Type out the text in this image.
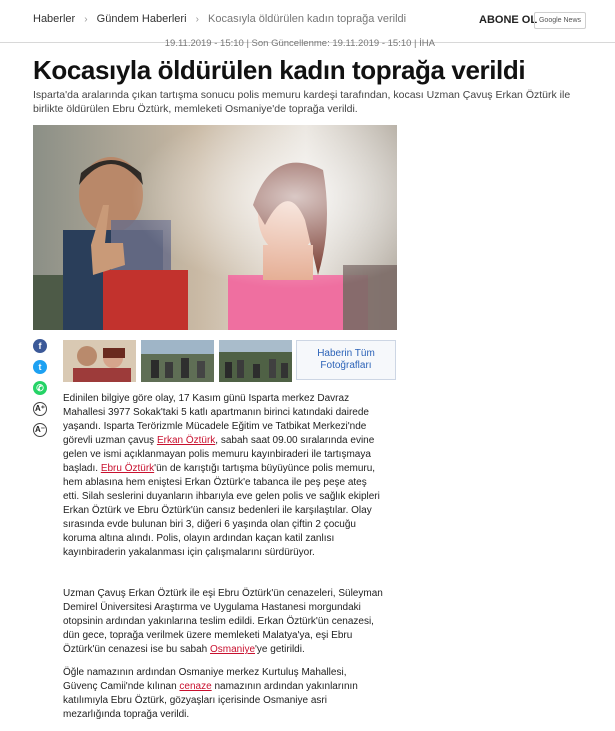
Haberler › Gündem Haberleri › Kocasıyla öldürülen kadın toprağa verildi	ABONE OL Google News
19.11.2019 - 15:10 | Son Güncellenme: 19.11.2019 - 15:10 | İHA
Kocasıyla öldürülen kadın toprağa verildi
Isparta'da aralarında çıkan tartışma sonucu polis memuru kardeşi tarafından, kocası Uzman Çavuş Erkan Öztürk ile birlikte öldürülen Ebru Öztürk, memleketi Osmaniye'de toprağa verildi.
f
t
✆
A⁺
A⁻
Haberin Tüm Fotoğrafları

Edinilen bilgiye göre olay, 17 Kasım günü Isparta merkez Davraz Mahallesi 3977 Sokak'taki 5 katlı apartmanın birinci katındaki dairede yaşandı. Isparta Terörizmle Mücadele Eğitim ve Tatbikat Merkezi'nde görevli uzman çavuş Erkan Öztürk, sabah saat 09.00 sıralarında evine gelen ve ismi açıklanmayan polis memuru kayınbiraderi ile tartışmaya başladı. Ebru Öztürk'ün de karıştığı tartışma büyüyünce polis memuru, hem ablasına hem eniştesi Erkan Öztürk'e tabanca ile peş peşe ateş etti. Silah seslerini duyanların ihbarıyla eve gelen polis ve sağlık ekipleri Erkan Öztürk ve Ebru Öztürk'ün cansız bedenleri ile karşılaştılar. Olay sırasında evde bulunan biri 3, diğeri 6 yaşında olan çiftin 2 çocuğu koruma altına alındı. Polis, olayın ardından kaçan katil zanlısı kayınbiraderin yakalanması için çalışmalarını sürdürüyor.

Uzman Çavuş Erkan Öztürk ile eşi Ebru Öztürk'ün cenazeleri, Süleyman Demirel Üniversitesi Araştırma ve Uygulama Hastanesi morgundaki otopsinin ardından yakınlarına teslim edildi. Erkan Öztürk'ün cenazesi, dün gece, toprağa verilmek üzere memleketi Malatya'ya, eşi Ebru Öztürk'ün cenazesi ise bu sabah Osmaniye'ye getirildi.

Öğle namazının ardından Osmaniye merkez Kurtuluş Mahallesi, Güvenç Camii'nde kılınan cenaze namazının ardından yakınlarının katılımıyla Ebru Öztürk, gözyaşları içerisinde Osmaniye asri mezarlığında toprağa verildi.
